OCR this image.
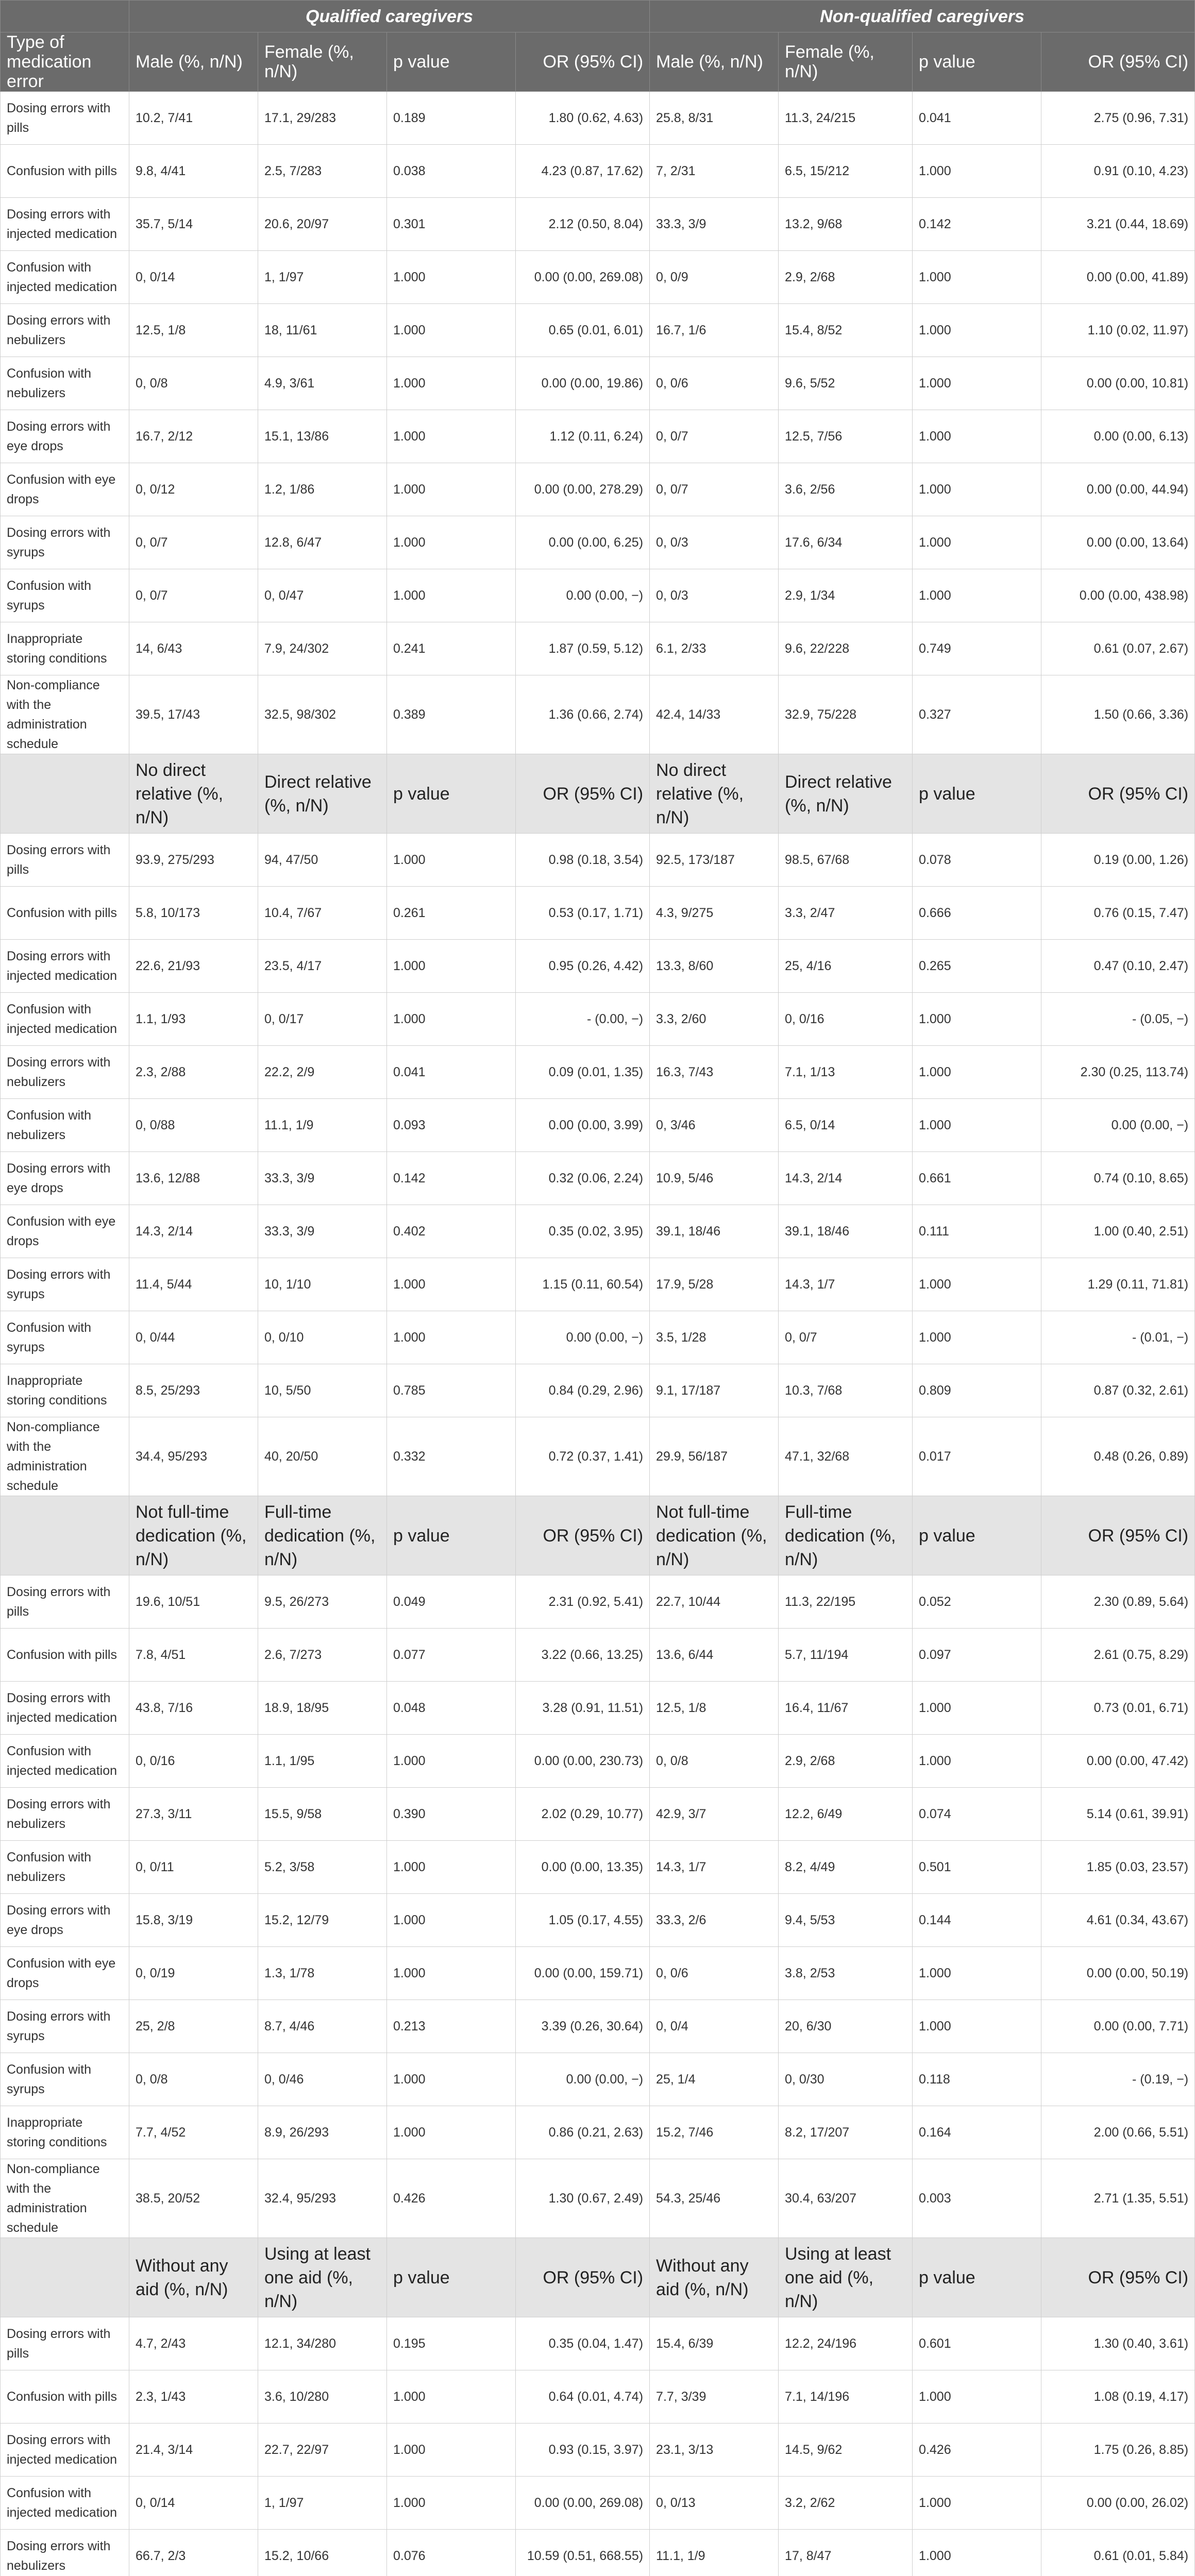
	Qualified caregivers				Non-qualified caregivers			
Type of medication error	Male (%, n/N)	Female (%, n/N)	p value	OR (95% CI)	Male (%, n/N)	Female (%, n/N)	p value	OR (95% CI)
Dosing errors with pills	10.2, 7/41	17.1, 29/283	0.189	1.80 (0.62, 4.63)	25.8, 8/31	11.3, 24/215	0.041	2.75 (0.96, 7.31)
Confusion with pills	9.8, 4/41	2.5, 7/283	0.038	4.23 (0.87, 17.62)	7, 2/31	6.5, 15/212	1.000	0.91 (0.10, 4.23)
Dosing errors with injected medication	35.7, 5/14	20.6, 20/97	0.301	2.12 (0.50, 8.04)	33.3, 3/9	13.2, 9/68	0.142	3.21 (0.44, 18.69)
Confusion with injected medication	0, 0/14	1, 1/97	1.000	0.00 (0.00, 269.08)	0, 0/9	2.9, 2/68	1.000	0.00 (0.00, 41.89)
Dosing errors with nebulizers	12.5, 1/8	18, 11/61	1.000	0.65 (0.01, 6.01)	16.7, 1/6	15.4, 8/52	1.000	1.10 (0.02, 11.97)
Confusion with nebulizers	0, 0/8	4.9, 3/61	1.000	0.00 (0.00, 19.86)	0, 0/6	9.6, 5/52	1.000	0.00 (0.00, 10.81)
Dosing errors with eye drops	16.7, 2/12	15.1, 13/86	1.000	1.12 (0.11, 6.24)	0, 0/7	12.5, 7/56	1.000	0.00 (0.00, 6.13)
Confusion with eye drops	0, 0/12	1.2, 1/86	1.000	0.00 (0.00, 278.29)	0, 0/7	3.6, 2/56	1.000	0.00 (0.00, 44.94)
Dosing errors with syrups	0, 0/7	12.8, 6/47	1.000	0.00 (0.00, 6.25)	0, 0/3	17.6, 6/34	1.000	0.00 (0.00, 13.64)
Confusion with syrups	0, 0/7	0, 0/47	1.000	0.00 (0.00, −)	0, 0/3	2.9, 1/34	1.000	0.00 (0.00, 438.98)
Inappropriate storing conditions	14, 6/43	7.9, 24/302	0.241	1.87 (0.59, 5.12)	6.1, 2/33	9.6, 22/228	0.749	0.61 (0.07, 2.67)
Non-compliance with the administration schedule	39.5, 17/43	32.5, 98/302	0.389	1.36 (0.66, 2.74)	42.4, 14/33	32.9, 75/228	0.327	1.50 (0.66, 3.36)
	No direct relative (%, n/N)	Direct relative (%, n/N)	p value	OR (95% CI)	No direct relative (%, n/N)	Direct relative (%, n/N)	p value	OR (95% CI)
Dosing errors with pills	93.9, 275/293	94, 47/50	1.000	0.98 (0.18, 3.54)	92.5, 173/187	98.5, 67/68	0.078	0.19 (0.00, 1.26)
Confusion with pills	5.8, 10/173	10.4, 7/67	0.261	0.53 (0.17, 1.71)	4.3, 9/275	3.3, 2/47	0.666	0.76 (0.15, 7.47)
Dosing errors with injected medication	22.6, 21/93	23.5, 4/17	1.000	0.95 (0.26, 4.42)	13.3, 8/60	25, 4/16	0.265	0.47 (0.10, 2.47)
Confusion with injected medication	1.1, 1/93	0, 0/17	1.000	- (0.00, −)	3.3, 2/60	0, 0/16	1.000	- (0.05, −)
Dosing errors with nebulizers	2.3, 2/88	22.2, 2/9	0.041	0.09 (0.01, 1.35)	16.3, 7/43	7.1, 1/13	1.000	2.30 (0.25, 113.74)
Confusion with nebulizers	0, 0/88	11.1, 1/9	0.093	0.00 (0.00, 3.99)	0, 3/46	6.5, 0/14	1.000	0.00 (0.00, −)
Dosing errors with eye drops	13.6, 12/88	33.3, 3/9	0.142	0.32 (0.06, 2.24)	10.9, 5/46	14.3, 2/14	0.661	0.74 (0.10, 8.65)
Confusion with eye drops	14.3, 2/14	33.3, 3/9	0.402	0.35 (0.02, 3.95)	39.1, 18/46	39.1, 18/46	0.111	1.00 (0.40, 2.51)
Dosing errors with syrups	11.4, 5/44	10, 1/10	1.000	1.15 (0.11, 60.54)	17.9, 5/28	14.3, 1/7	1.000	1.29 (0.11, 71.81)
Confusion with syrups	0, 0/44	0, 0/10	1.000	0.00 (0.00, −)	3.5, 1/28	0, 0/7	1.000	- (0.01, −)
Inappropriate storing conditions	8.5, 25/293	10, 5/50	0.785	0.84 (0.29, 2.96)	9.1, 17/187	10.3, 7/68	0.809	0.87 (0.32, 2.61)
Non-compliance with the administration schedule	34.4, 95/293	40, 20/50	0.332	0.72 (0.37, 1.41)	29.9, 56/187	47.1, 32/68	0.017	0.48 (0.26, 0.89)
	Not full-time dedication (%, n/N)	Full-time dedication (%, n/N)	p value	OR (95% CI)	Not full-time dedication (%, n/N)	Full-time dedication (%, n/N)	p value	OR (95% CI)
Dosing errors with pills	19.6, 10/51	9.5, 26/273	0.049	2.31 (0.92, 5.41)	22.7, 10/44	11.3, 22/195	0.052	2.30 (0.89, 5.64)
Confusion with pills	7.8, 4/51	2.6, 7/273	0.077	3.22 (0.66, 13.25)	13.6, 6/44	5.7, 11/194	0.097	2.61 (0.75, 8.29)
Dosing errors with injected medication	43.8, 7/16	18.9, 18/95	0.048	3.28 (0.91, 11.51)	12.5, 1/8	16.4, 11/67	1.000	0.73 (0.01, 6.71)
Confusion with injected medication	0, 0/16	1.1, 1/95	1.000	0.00 (0.00, 230.73)	0, 0/8	2.9, 2/68	1.000	0.00 (0.00, 47.42)
Dosing errors with nebulizers	27.3, 3/11	15.5, 9/58	0.390	2.02 (0.29, 10.77)	42.9, 3/7	12.2, 6/49	0.074	5.14 (0.61, 39.91)
Confusion with nebulizers	0, 0/11	5.2, 3/58	1.000	0.00 (0.00, 13.35)	14.3, 1/7	8.2, 4/49	0.501	1.85 (0.03, 23.57)
Dosing errors with eye drops	15.8, 3/19	15.2, 12/79	1.000	1.05 (0.17, 4.55)	33.3, 2/6	9.4, 5/53	0.144	4.61 (0.34, 43.67)
Confusion with eye drops	0, 0/19	1.3, 1/78	1.000	0.00 (0.00, 159.71)	0, 0/6	3.8, 2/53	1.000	0.00 (0.00, 50.19)
Dosing errors with syrups	25, 2/8	8.7, 4/46	0.213	3.39 (0.26, 30.64)	0, 0/4	20, 6/30	1.000	0.00 (0.00, 7.71)
Confusion with syrups	0, 0/8	0, 0/46	1.000	0.00 (0.00, −)	25, 1/4	0, 0/30	0.118	- (0.19, −)
Inappropriate storing conditions	7.7, 4/52	8.9, 26/293	1.000	0.86 (0.21, 2.63)	15.2, 7/46	8.2, 17/207	0.164	2.00 (0.66, 5.51)
Non-compliance with the administration schedule	38.5, 20/52	32.4, 95/293	0.426	1.30 (0.67, 2.49)	54.3, 25/46	30.4, 63/207	0.003	2.71 (1.35, 5.51)
	Without any aid (%, n/N)	Using at least one aid (%, n/N)	p value	OR (95% CI)	Without any aid (%, n/N)	Using at least one aid (%, n/N)	p value	OR (95% CI)
Dosing errors with pills	4.7, 2/43	12.1, 34/280	0.195	0.35 (0.04, 1.47)	15.4, 6/39	12.2, 24/196	0.601	1.30 (0.40, 3.61)
Confusion with pills	2.3, 1/43	3.6, 10/280	1.000	0.64 (0.01, 4.74)	7.7, 3/39	7.1, 14/196	1.000	1.08 (0.19, 4.17)
Dosing errors with injected medication	21.4, 3/14	22.7, 22/97	1.000	0.93 (0.15, 3.97)	23.1, 3/13	14.5, 9/62	0.426	1.75 (0.26, 8.85)
Confusion with injected medication	0, 0/14	1, 1/97	1.000	0.00 (0.00, 269.08)	0, 0/13	3.2, 2/62	1.000	0.00 (0.00, 26.02)
Dosing errors with nebulizers	66.7, 2/3	15.2, 10/66	0.076	10.59 (0.51, 668.55)	11.1, 1/9	17, 8/47	1.000	0.61 (0.01, 5.84)
